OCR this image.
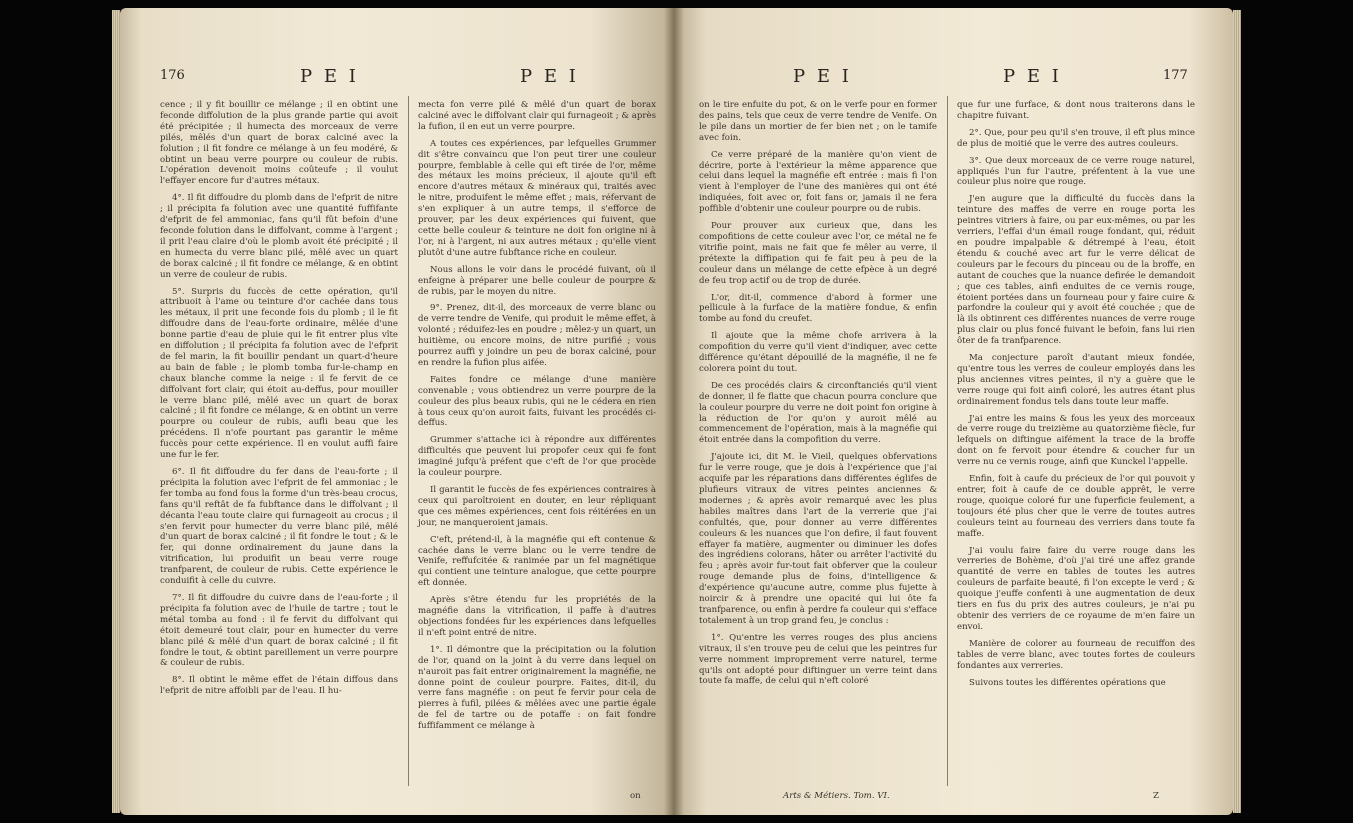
176	P E I	P E I

cence ; il y fit bouillir ce mélange ; il en obtint une feconde diffolution de la plus grande partie qui avoit été précipitée ; il humecta des morceaux de verre pilés, mêlés d'un quart de borax calciné avec la folution ; il fit fondre ce mélange à un feu modéré, & obtint un beau verre pourpre ou couleur de rubis. L'opération devenoit moins coûteufe ; il voulut l'effayer encore fur d'autres métaux.

4°. Il fit diffoudre du plomb dans de l'efprit de nitre ; il précipita fa folution avec une quantité fuffifante d'efprit de fel ammoniac, fans qu'il fût befoin d'une feconde folution dans le diffolvant, comme à l'argent ; il prit l'eau claire d'où le plomb avoit été précipité ; il en humecta du verre blanc pilé, mêlé avec un quart de borax calciné ; il fit fondre ce mélange, & en obtint un verre de couleur de rubis.

5°. Surpris du fuccès de cette opération, qu'il attribuoit à l'ame ou teinture d'or cachée dans tous les métaux, il prit une feconde fois du plomb ; il le fit diffoudre dans de l'eau-forte ordinaire, mêlée d'une bonne partie d'eau de pluie qui le fit entrer plus vîte en diffolution ; il précipita fa folution avec de l'efprit de fel marin, la fit bouillir pendant un quart-d'heure au bain de fable ; le plomb tomba fur-le-champ en chaux blanche comme la neige : il fe fervit de ce diffolvant fort clair, qui étoit au-deffus, pour mouiller le verre blanc pilé, mêlé avec un quart de borax calciné ; il fit fondre ce mélange, & en obtint un verre pourpre ou couleur de rubis, aufli beau que les précédens. Il n'ofe pourtant pas garantir le même fuccès pour cette expérience. Il en voulut auffi faire une fur le fer.

6°. Il fit diffoudre du fer dans de l'eau-forte ; il précipita la folution avec l'efprit de fel ammoniac ; le fer tomba au fond fous la forme d'un très-beau crocus, fans qu'il reftât de fa fubftance dans le diffolvant ; il décanta l'eau toute claire qui furnageoit au crocus ; il s'en fervit pour humecter du verre blanc pilé, mêlé d'un quart de borax calciné ; il fit fondre le tout ; & le fer, qui donne ordinairement du jaune dans la vitrification, lui produifit un beau verre rouge tranfparent, de couleur de rubis. Cette expérience le conduifit à celle du cuivre.

7°. Il fit diffoudre du cuivre dans de l'eau-forte ; il précipita fa folution avec de l'huile de tartre ; tout le métal tomba au fond : il fe fervit du diffolvant qui étoit demeuré tout clair, pour en humecter du verre blanc pilé & mêlé d'un quart de borax calciné ; il fit fondre le tout, & obtint pareillement un verre pourpre & couleur de rubis.

8°. Il obtint le même effet de l'étain diffous dans l'efprit de nitre affoibli par de l'eau. Il hu-

mecta fon verre pilé & mêlé d'un quart de borax calciné avec le diffolvant clair qui furnageoit ; & après la fufion, il en eut un verre pourpre.

A toutes ces expériences, par lefquelles Grummer dit s'être convaincu que l'on peut tirer une couleur pourpre, femblable à celle qui eft tirée de l'or, même des métaux les moins précieux, il ajoute qu'il eft encore d'autres métaux & minéraux qui, traités avec le nitre, produifent le même effet ; mais, réfervant de s'en expliquer à un autre temps, il s'efforce de prouver, par les deux expériences qui fuivent, que cette belle couleur & teinture ne doit fon origine ni à l'or, ni à l'argent, ni aux autres métaux ; qu'elle vient plutôt d'une autre fubftance riche en couleur.

Nous allons le voir dans le procédé fuivant, où il enfeigne à préparer une belle couleur de pourpre & de rubis, par le moyen du nitre.

9°. Prenez, dit-il, des morceaux de verre blanc ou de verre tendre de Venife, qui produit le même effet, à volonté ; réduifez-les en poudre ; mêlez-y un quart, un huitième, ou encore moins, de nitre purifié ; vous pourrez auffi y joindre un peu de borax calciné, pour en rendre la fufion plus aifée.

Faites fondre ce mélange d'une manière convenable ; vous obtiendrez un verre pourpre de la couleur des plus beaux rubis, qui ne le cédera en rien à tous ceux qu'on auroit faits, fuivant les procédés ci-deffus.

Grummer s'attache ici à répondre aux différentes difficultés que peuvent lui propofer ceux qui fe font imaginé jufqu'à préfent que c'eft de l'or que procède la couleur pourpre.

Il garantit le fuccès de fes expériences contraires à ceux qui paroîtroient en douter, en leur répliquant que ces mêmes expériences, cent fois réitérées en un jour, ne manqueroient jamais.

C'eft, prétend-il, à la magnéfie qui eft contenue & cachée dans le verre blanc ou le verre tendre de Venife, reffufcitée & ranimée par un fel magnétique qui contient une teinture analogue, que cette pourpre eft donnée.

Après s'être étendu fur les propriétés de la magnéfie dans la vitrification, il paffe à d'autres objections fondées fur les expériences dans lefquelles il n'eft point entré de nitre.

1°. Il démontre que la précipitation ou la folution de l'or, quand on la joint à du verre dans lequel on n'auroit pas fait entrer originairement la magnéfie, ne donne point de couleur pourpre. Faites, dit-il, du verre fans magnéfie : on peut fe fervir pour cela de pierres à fufil, pilées & mêlées avec une partie égale de fel de tartre ou de potaffe : on fait fondre fuffifamment ce mélange à

on
P E I	P E I	177

on le tire enfuite du pot, & on le verfe pour en former des pains, tels que ceux de verre tendre de Venife. On le pile dans un mortier de fer bien net ; on le tamife avec foin.

Ce verre préparé de la manière qu'on vient de décrire, porte à l'extérieur la même apparence que celui dans lequel la magnéfie eft entrée : mais fi l'on vient à l'employer de l'une des manières qui ont été indiquées, foit avec or, foit fans or, jamais il ne fera poffible d'obtenir une couleur pourpre ou de rubis.

Pour prouver aux curieux que, dans les compofitions de cette couleur avec l'or, ce métal ne fe vitrifie point, mais ne fait que fe mêler au verre, il prétexte la diffipation qui fe fait peu à peu de la couleur dans un mélange de cette efpèce à un degré de feu trop actif ou de trop de durée.

L'or, dit-il, commence d'abord à former une pellicule à la furface de la matière fondue, & enfin tombe au fond du creufet.

Il ajoute que la même chofe arrivera à la compofition du verre qu'il vient d'indiquer, avec cette différence qu'étant dépouillé de la magnéfie, il ne fe colorera point du tout.

De ces procédés clairs & circonftanciés qu'il vient de donner, il fe flatte que chacun pourra conclure que la couleur pourpre du verre ne doit point fon origine à la réduction de l'or qu'on y auroit mêlé au commencement de l'opération, mais à la magnéfie qui étoit entrée dans la compofition du verre.

J'ajoute ici, dit M. le Vieil, quelques obfervations fur le verre rouge, que je dois à l'expérience que j'ai acquife par les réparations dans différentes églifes de plufieurs vitraux de vitres peintes anciennes & modernes ; & après avoir remarqué avec les plus habiles maîtres dans l'art de la verrerie que j'ai confultés, que, pour donner au verre différentes couleurs & les nuances que l'on defire, il faut fouvent effayer fa matière, augmenter ou diminuer les dofes des ingrédiens colorans, hâter ou arrêter l'activité du feu ; après avoir fur-tout fait obferver que la couleur rouge demande plus de foins, d'intelligence & d'expérience qu'aucune autre, comme plus fujette à noircir & à prendre une opacité qui lui ôte fa tranfparence, ou enfin à perdre fa couleur qui s'efface totalement à un trop grand feu, je conclus :

1°. Qu'entre les verres rouges des plus anciens vitraux, il s'en trouve peu de celui que les peintres fur verre nomment improprement verre naturel, terme qu'ils ont adopté pour diftinguer un verre teint dans toute fa maffe, de celui qui n'eft coloré

que fur une furface, & dont nous traiterons dans le chapitre fuivant.

2°. Que, pour peu qu'il s'en trouve, il eft plus mince de plus de moitié que le verre des autres couleurs.

3°. Que deux morceaux de ce verre rouge naturel, appliqués l'un fur l'autre, préfentent à la vue une couleur plus noire que rouge.

J'en augure que la difficulté du fuccès dans la teinture des maffes de verre en rouge porta les peintres vitriers à faire, ou par eux-mêmes, ou par les verriers, l'effai d'un émail rouge fondant, qui, réduit en poudre impalpable & détrempé à l'eau, étoit étendu & couché avec art fur le verre délicat de couleurs par le fecours du pinceau ou de la broffe, en autant de couches que la nuance defirée le demandoit ; que ces tables, ainfi enduites de ce vernis rouge, étoient portées dans un fourneau pour y faire cuire & parfondre la couleur qui y avoit été couchée ; que de là ils obtinrent ces différentes nuances de verre rouge plus clair ou plus foncé fuivant le befoin, fans lui rien ôter de fa tranfparence.

Ma conjecture paroît d'autant mieux fondée, qu'entre tous les verres de couleur employés dans les plus anciennes vitres peintes, il n'y a guère que le verre rouge qui foit ainfi coloré, les autres étant plus ordinairement fondus tels dans toute leur maffe.

J'ai entre les mains & fous les yeux des morceaux de verre rouge du treizième au quatorzième fiècle, fur lefquels on diftingue aifément la trace de la broffe dont on fe fervoit pour étendre & coucher fur un verre nu ce vernis rouge, ainfi que Kunckel l'appelle.

Enfin, foit à caufe du précieux de l'or qui pouvoit y entrer, foit à caufe de ce double apprêt, le verre rouge, quoique coloré fur une fuperficie feulement, a toujours été plus cher que le verre de toutes autres couleurs teint au fourneau des verriers dans toute fa maffe.

J'ai voulu faire faire du verre rouge dans les verreries de Bohème, d'où j'ai tiré une affez grande quantité de verre en tables de toutes les autres couleurs de parfaite beauté, fi l'on excepte le verd ; & quoique j'euffe confenti à une augmentation de deux tiers en fus du prix des autres couleurs, je n'ai pu obtenir des verriers de ce royaume de m'en faire un envoi.

Manière de colorer au fourneau de recuiffon des tables de verre blanc, avec toutes fortes de couleurs fondantes aux verreries.

Suivons toutes les différentes opérations que

Arts & Métiers. Tom. VI.	Z
